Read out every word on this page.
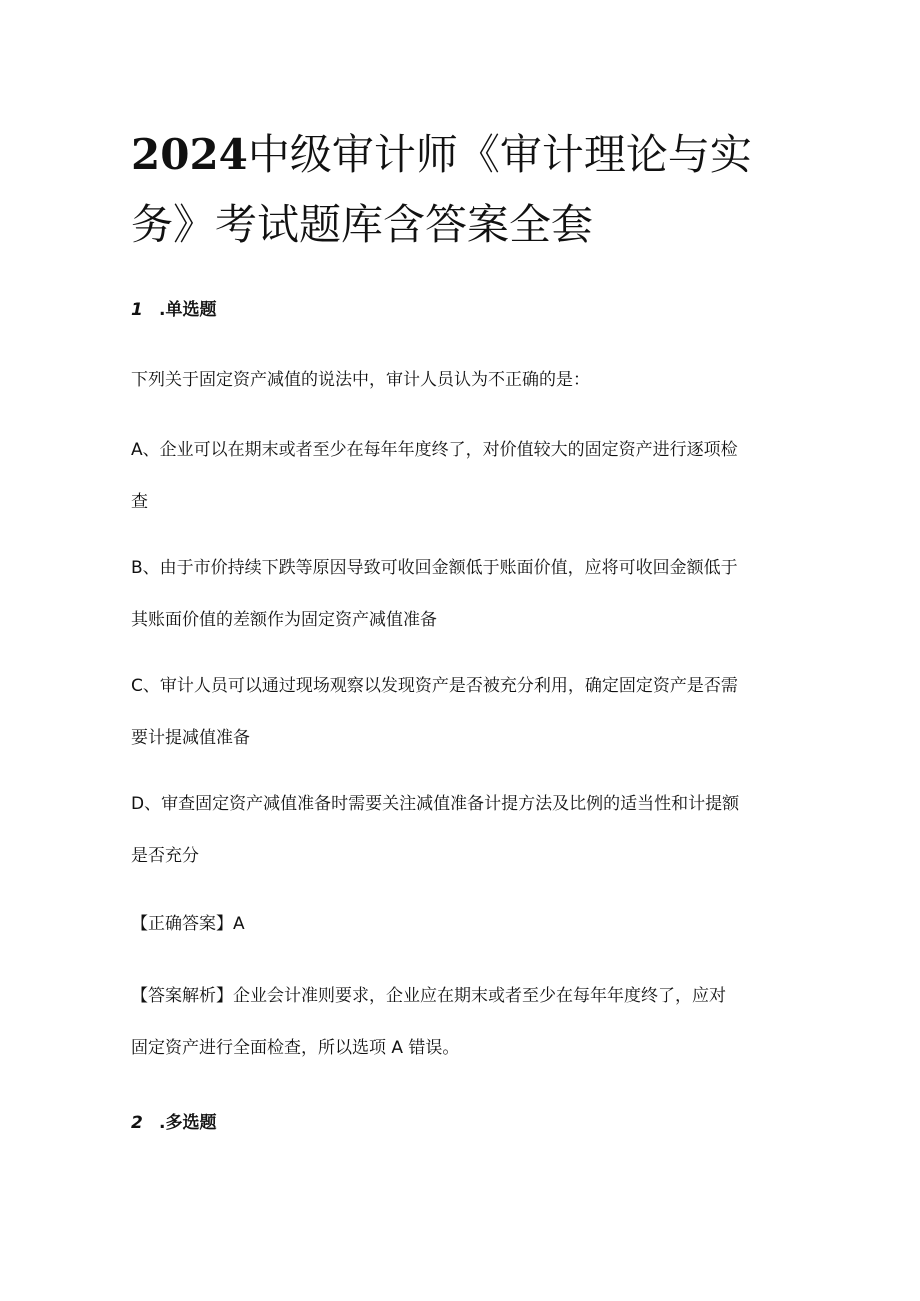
2024中级审计师《审计理论与实
务》考试题库含答案全套
1 .单选题

下列关于固定资产减值的说法中，审计人员认为不正确的是：

A、企业可以在期末或者至少在每年年度终了，对价值较大的固定资产进行逐项检
查

B、由于市价持续下跌等原因导致可收回金额低于账面价值，应将可收回金额低于
其账面价值的差额作为固定资产减值准备

C、审计人员可以通过现场观察以发现资产是否被充分利用，确定固定资产是否需
要计提减值准备

D、审查固定资产减值准备时需要关注减值准备计提方法及比例的适当性和计提额
是否充分

【正确答案】A

【答案解析】企业会计准则要求，企业应在期末或者至少在每年年度终了，应对
固定资产进行全面检查，所以选项 A 错误。

2 .多选题
